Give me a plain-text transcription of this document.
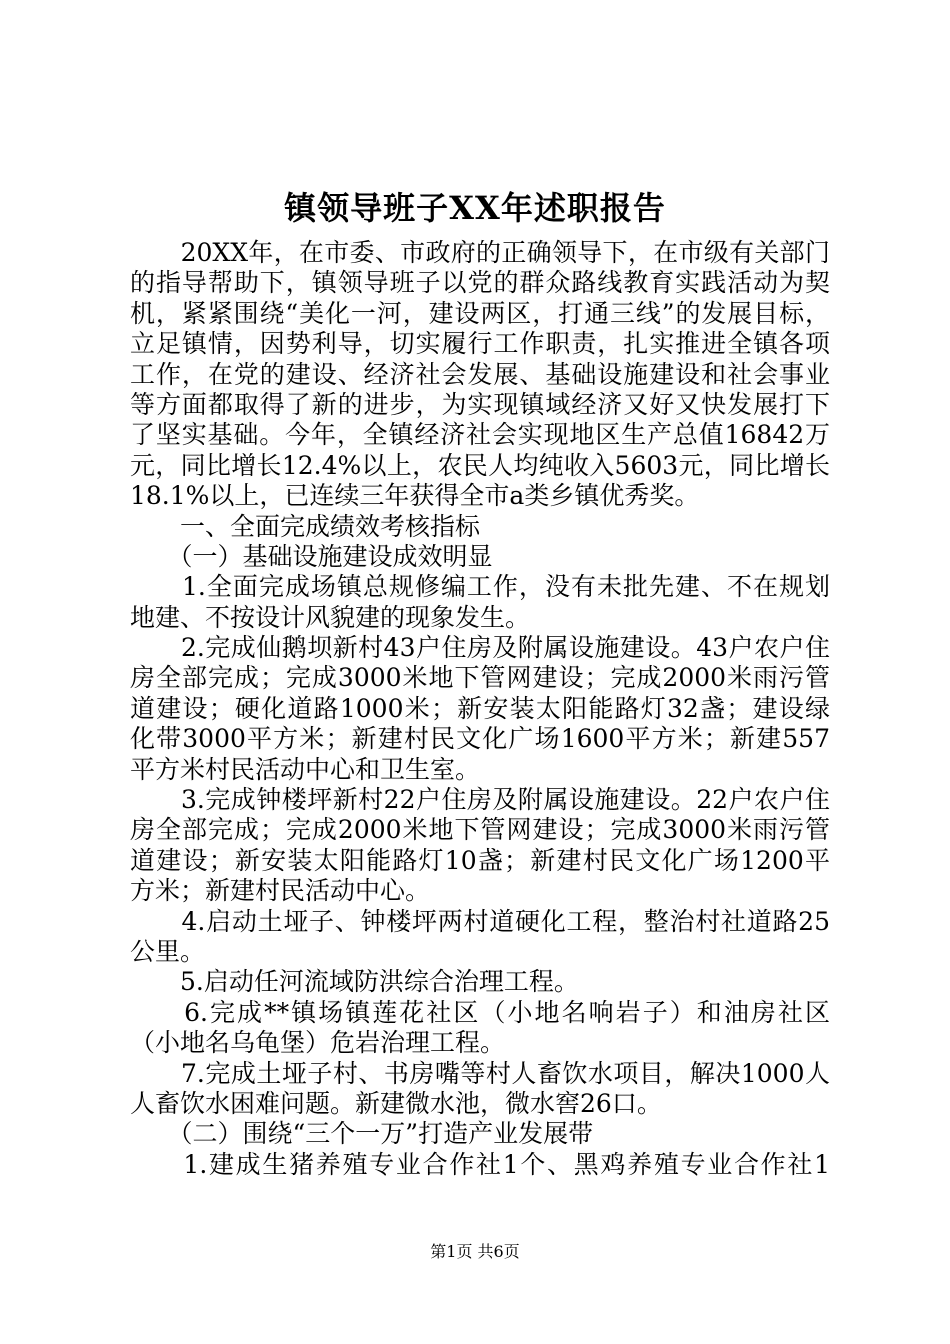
镇领导班子XX年述职报告
　　20XX年，在市委、市政府的正确领导下，在市级有关部门
的指导帮助下，镇领导班子以党的群众路线教育实践活动为契
机，紧紧围绕“美化一河，建设两区，打通三线”的发展目标，
立足镇情，因势利导，切实履行工作职责，扎实推进全镇各项
工作，在党的建设、经济社会发展、基础设施建设和社会事业
等方面都取得了新的进步，为实现镇域经济又好又快发展打下
了坚实基础。今年，全镇经济社会实现地区生产总值16842万
元，同比增长12.4%以上，农民人均纯收入5603元，同比增长
18.1%以上，已连续三年获得全市a类乡镇优秀奖。
　　一、全面完成绩效考核指标
　　（一）基础设施建设成效明显
　　1.全面完成场镇总规修编工作，没有未批先建、不在规划
地建、不按设计风貌建的现象发生。
　　2.完成仙鹅坝新村43户住房及附属设施建设。43户农户住
房全部完成；完成3000米地下管网建设；完成2000米雨污管
道建设；硬化道路1000米；新安装太阳能路灯32盏；建设绿
化带3000平方米；新建村民文化广场1600平方米；新建557
平方米村民活动中心和卫生室。
　　3.完成钟楼坪新村22户住房及附属设施建设。22户农户住
房全部完成；完成2000米地下管网建设；完成3000米雨污管
道建设；新安装太阳能路灯10盏；新建村民文化广场1200平
方米；新建村民活动中心。
　　4.启动土垭子、钟楼坪两村道硬化工程，整治村社道路25
公里。
　　5.启动任河流域防洪综合治理工程。
　　6.完成**镇场镇莲花社区（小地名响岩子）和油房社区
（小地名乌龟堡）危岩治理工程。
　　7.完成土垭子村、书房嘴等村人畜饮水项目，解决1000人
人畜饮水困难问题。新建微水池，微水窖26口。
　　（二）围绕“三个一万”打造产业发展带
　　1.建成生猪养殖专业合作社1个、黑鸡养殖专业合作社1
第1页 共6页
